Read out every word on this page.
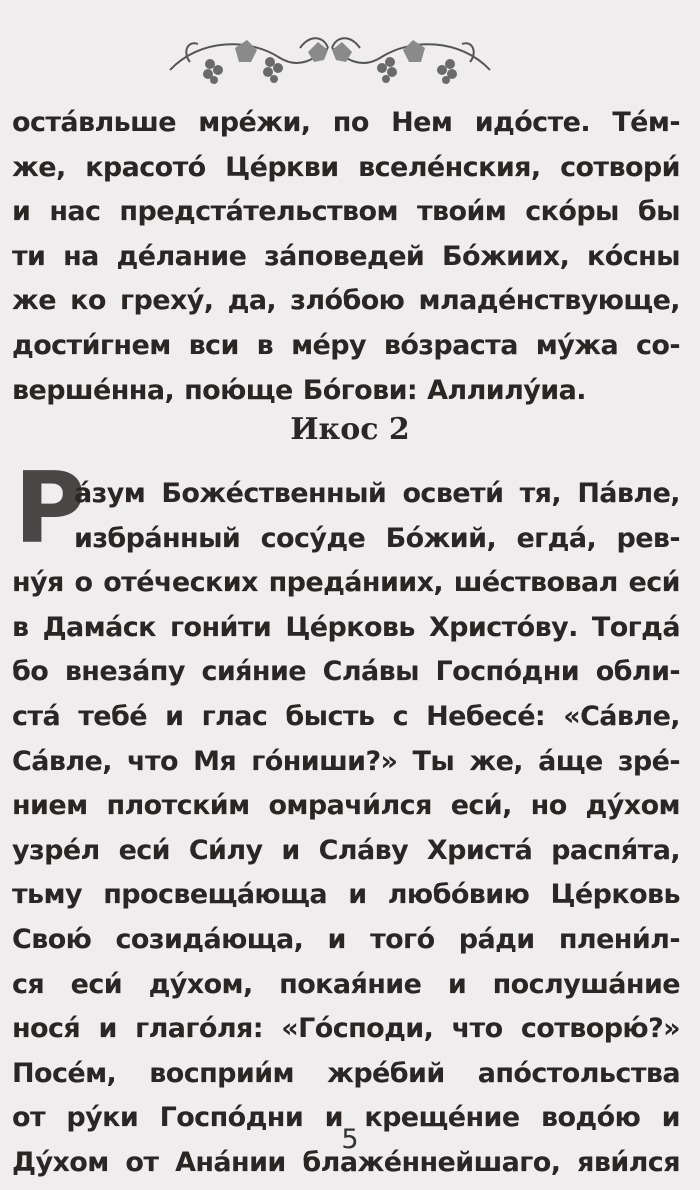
оста́вльше мре́жи, по Нем идо́сте. Те́м-
же, красото́ Це́ркви вселе́нския, сотвори́
и нас предста́тельством твои́м ско́ры бы
ти на де́лание за́поведей Бо́жиих, ко́сны
же ко греху́, да, зло́бою младе́нствующе,
дости́гнем вси в ме́ру во́зраста му́жа со-
верше́нна, пою́ще Бо́гови: Аллилу́иа.
Икос 2
Р
а́зум Боже́ственный освети́ тя, Па́вле,
избра́нный сосу́де Бо́жий, егда́, рев-
ну́я о оте́ческих преда́ниих, ше́ствовал еси́
в Дама́ск гони́ти Це́рковь Христо́ву. Тогда́
бо внеза́пу сия́ние Сла́вы Госпо́дни обли-
ста́ тебе́ и глас бысть с Небесе́: «Са́вле,
Са́вле, что Мя го́ниши?» Ты же, а́ще зре́-
нием плотски́м омрачи́лся еси́, но ду́хом
узре́л еси́ Си́лу и Сла́ву Христа́ распя́та,
тьму просвеща́юща и любо́вию Це́рковь
Свою́ созида́юща, и того́ ра́ди плени́л-
ся еси́ ду́хом, покая́ние и послуша́ние
нося́ и глаго́ля: «Го́споди, что сотворю́?»
Посе́м, восприи́м жре́бий апо́стольства
от ру́ки Госпо́дни и креще́ние водо́ю и
Ду́хом от Ана́нии блаже́ннейшаго, яви́лся
5
